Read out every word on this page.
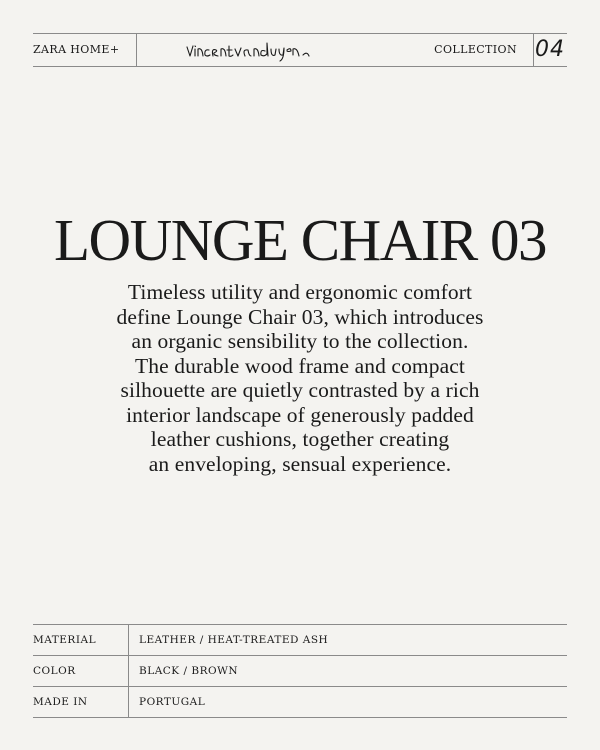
ZARA HOME+	COLLECTION 04
LOUNGE CHAIR 03
Timeless utility and ergonomic comfort
define Lounge Chair 03, which introduces
an organic sensibility to the collection.
The durable wood frame and compact
silhouette are quietly contrasted by a rich
interior landscape of generously padded
leather cushions, together creating
an enveloping, sensual experience.
MATERIAL	LEATHER / HEAT-TREATED ASH
COLOR	BLACK / BROWN
MADE IN	PORTUGAL
